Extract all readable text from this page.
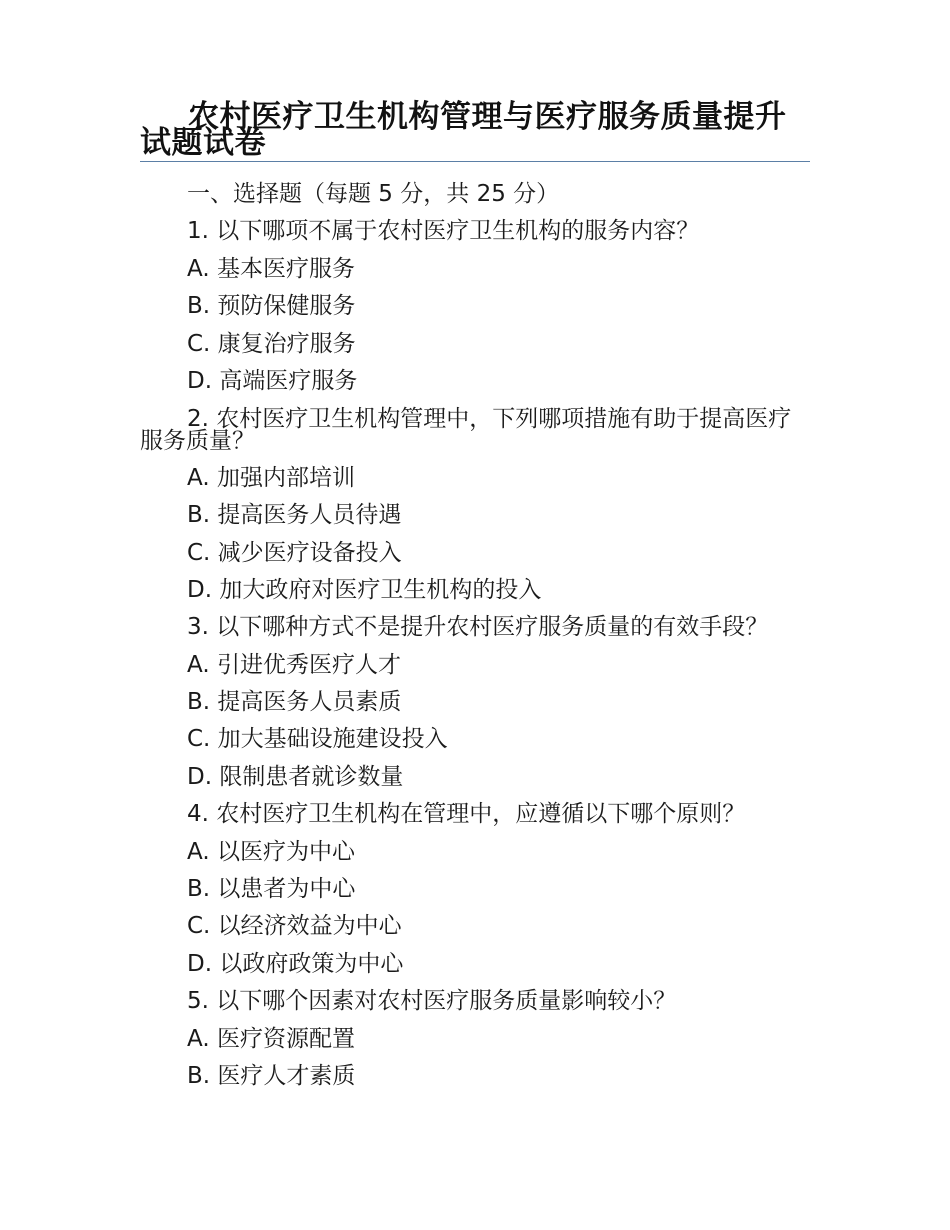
农村医疗卫生机构管理与医疗服务质量提升试题试卷
一、选择题（每题 5 分，共 25 分）
1. 以下哪项不属于农村医疗卫生机构的服务内容？
A. 基本医疗服务
B. 预防保健服务
C. 康复治疗服务
D. 高端医疗服务
2. 农村医疗卫生机构管理中，下列哪项措施有助于提高医疗服务质量？
A. 加强内部培训
B. 提高医务人员待遇
C. 减少医疗设备投入
D. 加大政府对医疗卫生机构的投入
3. 以下哪种方式不是提升农村医疗服务质量的有效手段？
A. 引进优秀医疗人才
B. 提高医务人员素质
C. 加大基础设施建设投入
D. 限制患者就诊数量
4. 农村医疗卫生机构在管理中，应遵循以下哪个原则？
A. 以医疗为中心
B. 以患者为中心
C. 以经济效益为中心
D. 以政府政策为中心
5. 以下哪个因素对农村医疗服务质量影响较小？
A. 医疗资源配置
B. 医疗人才素质
